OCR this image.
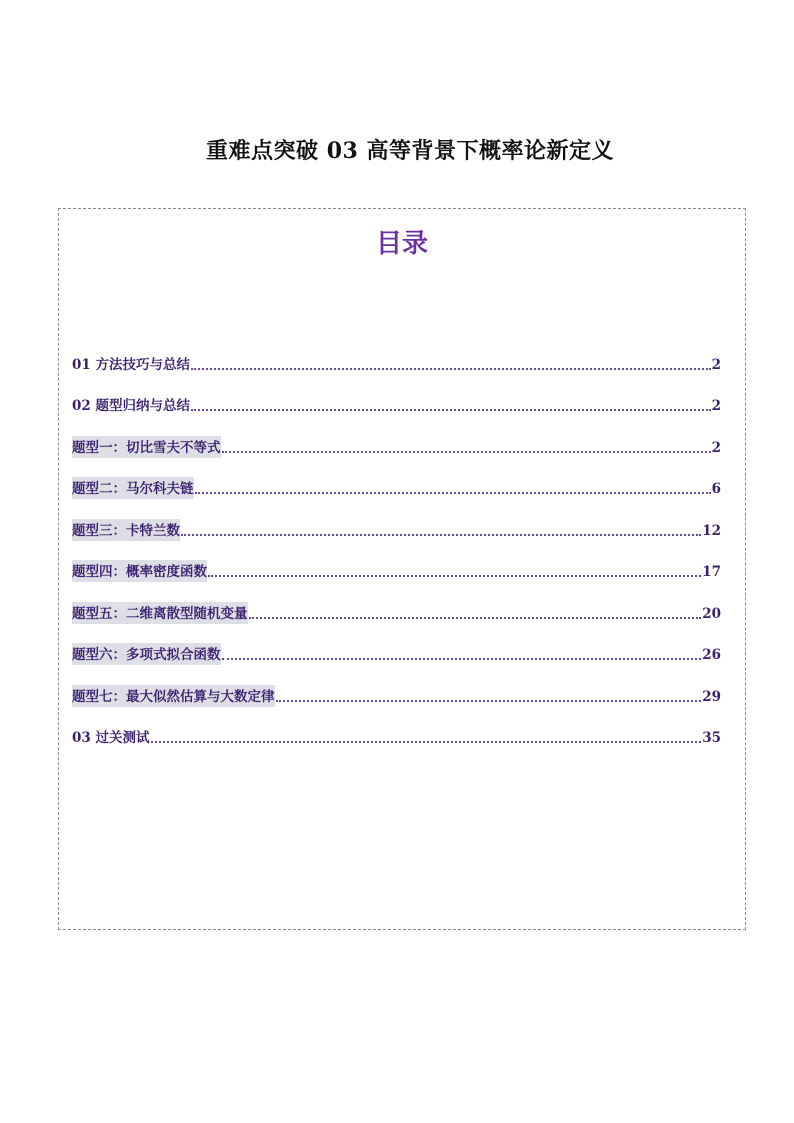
重难点突破 03 高等背景下概率论新定义
目录
01 方法技巧与总结	2
02 题型归纳与总结	2
题型一：切比雪夫不等式	2
题型二：马尔科夫链	6
题型三：卡特兰数	12
题型四：概率密度函数	17
题型五：二维离散型随机变量	20
题型六：多项式拟合函数	26
题型七：最大似然估算与大数定律	29
03 过关测试	35
